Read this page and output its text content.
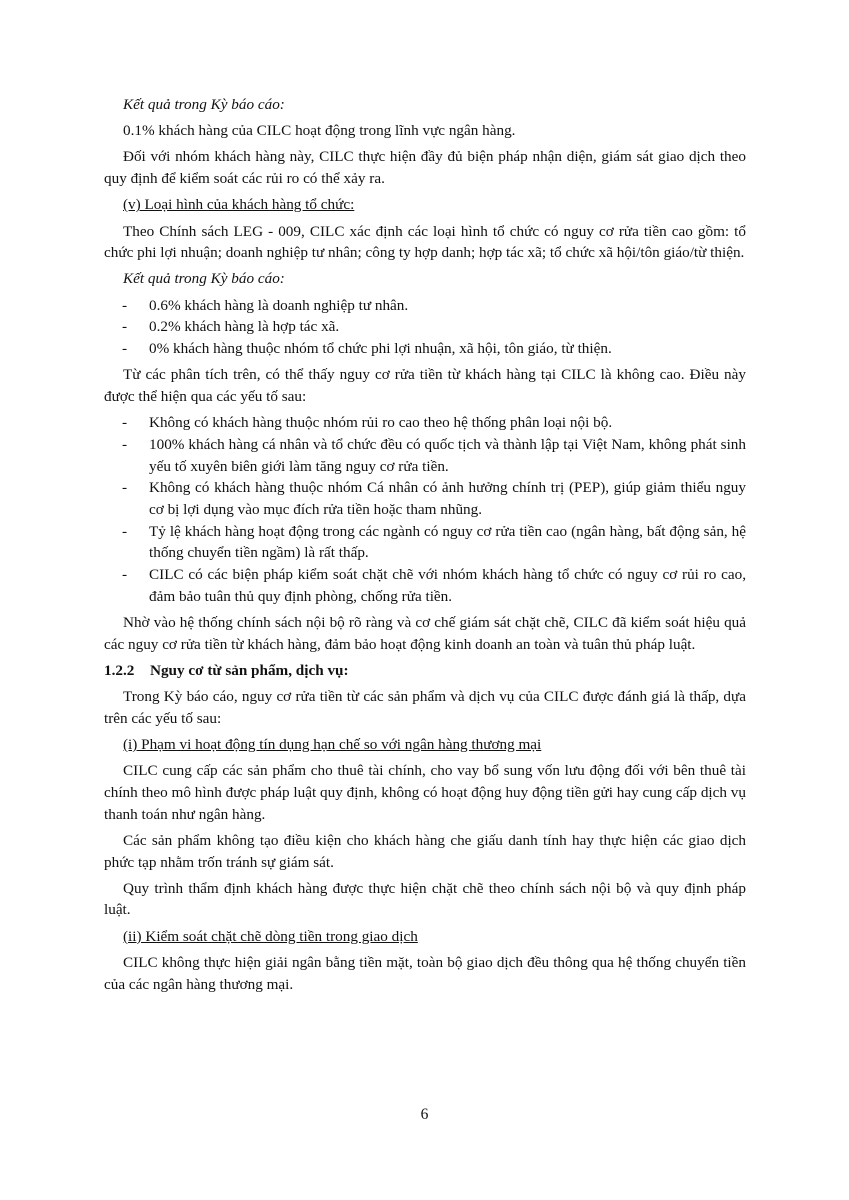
Kết quả trong Kỳ báo cáo:

0.1% khách hàng của CILC hoạt động trong lĩnh vực ngân hàng.

Đối với nhóm khách hàng này, CILC thực hiện đầy đủ biện pháp nhận diện, giám sát giao dịch theo quy định để kiểm soát các rủi ro có thể xảy ra.

(v) Loại hình của khách hàng tổ chức:

Theo Chính sách LEG - 009, CILC xác định các loại hình tổ chức có nguy cơ rửa tiền cao gồm: tổ chức phi lợi nhuận; doanh nghiệp tư nhân; công ty hợp danh; hợp tác xã; tổ chức xã hội/tôn giáo/từ thiện.

Kết quả trong Kỳ báo cáo:

- 0.6% khách hàng là doanh nghiệp tư nhân.
- 0.2% khách hàng là hợp tác xã.
- 0% khách hàng thuộc nhóm tổ chức phi lợi nhuận, xã hội, tôn giáo, từ thiện.

Từ các phân tích trên, có thể thấy nguy cơ rửa tiền từ khách hàng tại CILC là không cao. Điều này được thể hiện qua các yếu tố sau:

- Không có khách hàng thuộc nhóm rủi ro cao theo hệ thống phân loại nội bộ.
- 100% khách hàng cá nhân và tổ chức đều có quốc tịch và thành lập tại Việt Nam, không phát sinh yếu tố xuyên biên giới làm tăng nguy cơ rửa tiền.
- Không có khách hàng thuộc nhóm Cá nhân có ảnh hưởng chính trị (PEP), giúp giảm thiểu nguy cơ bị lợi dụng vào mục đích rửa tiền hoặc tham nhũng.
- Tỷ lệ khách hàng hoạt động trong các ngành có nguy cơ rửa tiền cao (ngân hàng, bất động sản, hệ thống chuyển tiền ngầm) là rất thấp.
- CILC có các biện pháp kiểm soát chặt chẽ với nhóm khách hàng tổ chức có nguy cơ rủi ro cao, đảm bảo tuân thủ quy định phòng, chống rửa tiền.

Nhờ vào hệ thống chính sách nội bộ rõ ràng và cơ chế giám sát chặt chẽ, CILC đã kiểm soát hiệu quả các nguy cơ rửa tiền từ khách hàng, đảm bảo hoạt động kinh doanh an toàn và tuân thủ pháp luật.

1.2.2	Nguy cơ từ sản phẩm, dịch vụ:

Trong Kỳ báo cáo, nguy cơ rửa tiền từ các sản phẩm và dịch vụ của CILC được đánh giá là thấp, dựa trên các yếu tố sau:

(i) Phạm vi hoạt động tín dụng hạn chế so với ngân hàng thương mại

CILC cung cấp các sản phẩm cho thuê tài chính, cho vay bổ sung vốn lưu động đối với bên thuê tài chính theo mô hình được pháp luật quy định, không có hoạt động huy động tiền gửi hay cung cấp dịch vụ thanh toán như ngân hàng.

Các sản phẩm không tạo điều kiện cho khách hàng che giấu danh tính hay thực hiện các giao dịch phức tạp nhằm trốn tránh sự giám sát.

Quy trình thẩm định khách hàng được thực hiện chặt chẽ theo chính sách nội bộ và quy định pháp luật.

(ii) Kiểm soát chặt chẽ dòng tiền trong giao dịch

CILC không thực hiện giải ngân bằng tiền mặt, toàn bộ giao dịch đều thông qua hệ thống chuyển tiền của các ngân hàng thương mại.

6
